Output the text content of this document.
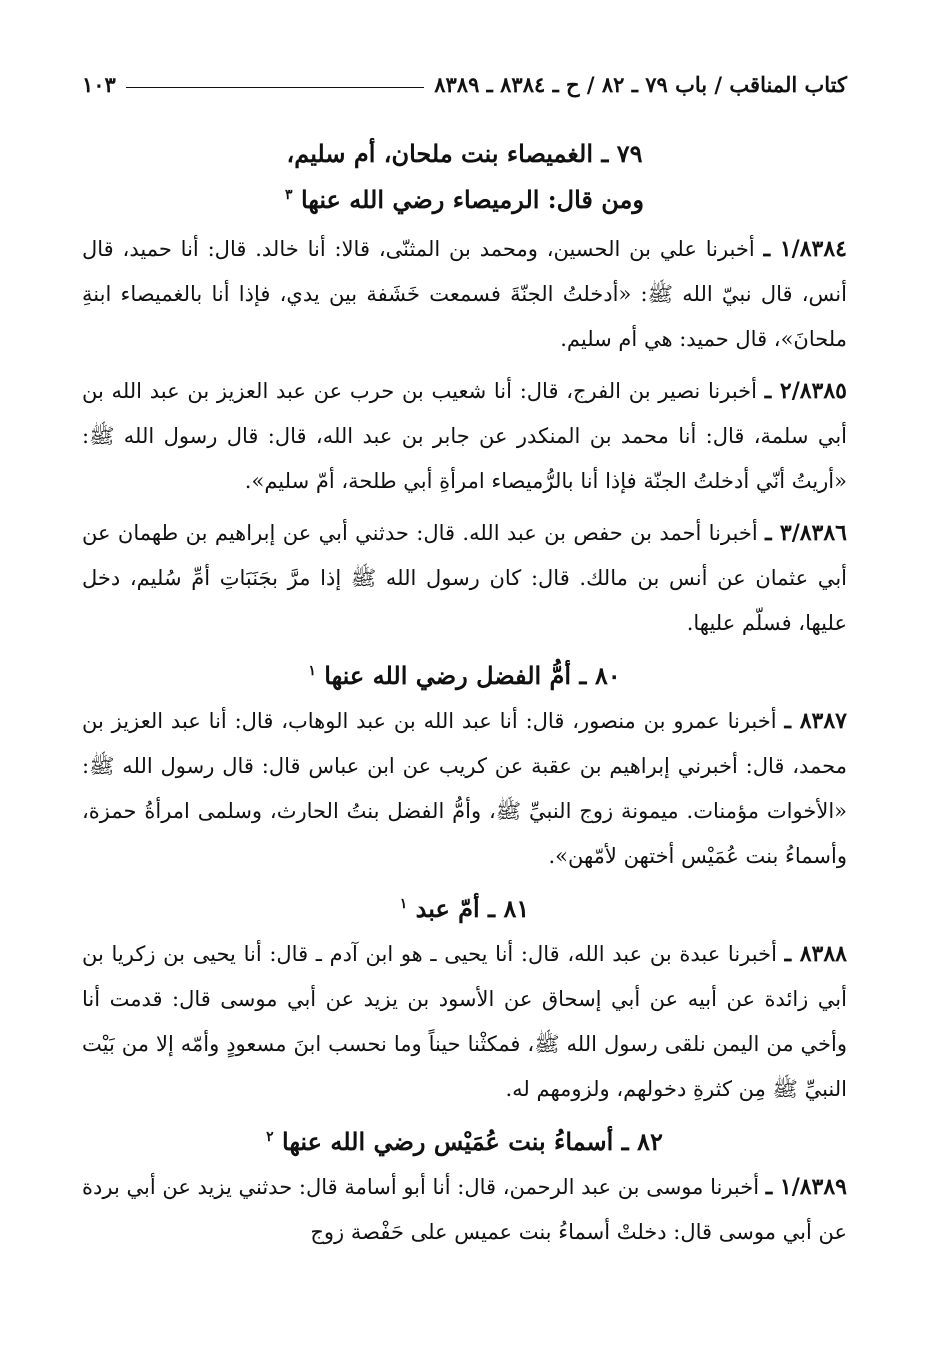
كتاب المناقب / باب ٧٩ ـ ٨٢ / ح ـ ٨٣٨٤ ـ ٨٣٨٩
١٠٣

٧٩ ـ الغميصاء بنت ملحان، أم سليم،

ومن قال: الرميصاء رضي الله عنها $^٣$

١/٨٣٨٤ ـ أخبرنا علي بن الحسين، ومحمد بن المثنّى، قالا: أنا خالد. قال: أنا حميد، قال أنس، قال نبيّ الله ﷺ: «أدخلتُ الجنّةَ فسمعت خَشَفة بين يدي، فإذا أنا بالغميصاء ابنةِ ملحانَ»، قال حميد: هي أم سليم.

٢/٨٣٨٥ ـ أخبرنا نصير بن الفرج، قال: أنا شعيب بن حرب عن عبد العزيز بن عبد الله بن أبي سلمة، قال: أنا محمد بن المنكدر عن جابر بن عبد الله، قال: قال رسول الله ﷺ: «أريتُ أنّي أدخلتُ الجنّة فإذا أنا بالرُّميصاء امرأةِ أبي طلحة، أمّ سليم».

٣/٨٣٨٦ ـ أخبرنا أحمد بن حفص بن عبد الله. قال: حدثني أبي عن إبراهيم بن طهمان عن أبي عثمان عن أنس بن مالك. قال: كان رسول الله ﷺ إذا مرَّ بجَنَبَاتِ أمِّ سُليم، دخل عليها، فسلّم عليها.

٨٠ ـ أمُّ الفضل رضي الله عنها $^١$

٨٣٨٧ ـ أخبرنا عمرو بن منصور، قال: أنا عبد الله بن عبد الوهاب، قال: أنا عبد العزيز بن محمد، قال: أخبرني إبراهيم بن عقبة عن كريب عن ابن عباس قال: قال رسول الله ﷺ: «الأخوات مؤمنات. ميمونة زوج النبيِّ ﷺ، وأمُّ الفضل بنتُ الحارث، وسلمى امرأةُ حمزة، وأسماءُ بنت عُمَيْس أختهن لأمّهن».

٨١ ـ أمّ عبد $^١$

٨٣٨٨ ـ أخبرنا عبدة بن عبد الله، قال: أنا يحيى ـ هو ابن آدم ـ قال: أنا يحيى بن زكريا بن أبي زائدة عن أبيه عن أبي إسحاق عن الأسود بن يزيد عن أبي موسى قال: قدمت أنا وأخي من اليمن نلقى رسول الله ﷺ، فمكثْنا حيناً وما نحسب ابنَ مسعودٍ وأمّه إلا من بَيْت النبيِّ ﷺ مِن كثرةِ دخولهم، ولزومهم له.

٨٢ ـ أسماءُ بنت عُمَيْس رضي الله عنها $^٢$

١/٨٣٨٩ ـ أخبرنا موسى بن عبد الرحمن، قال: أنا أبو أسامة قال: حدثني يزيد عن أبي بردة عن أبي موسى قال: دخلتْ أسماءُ بنت عميس على حَفْصة زوج
